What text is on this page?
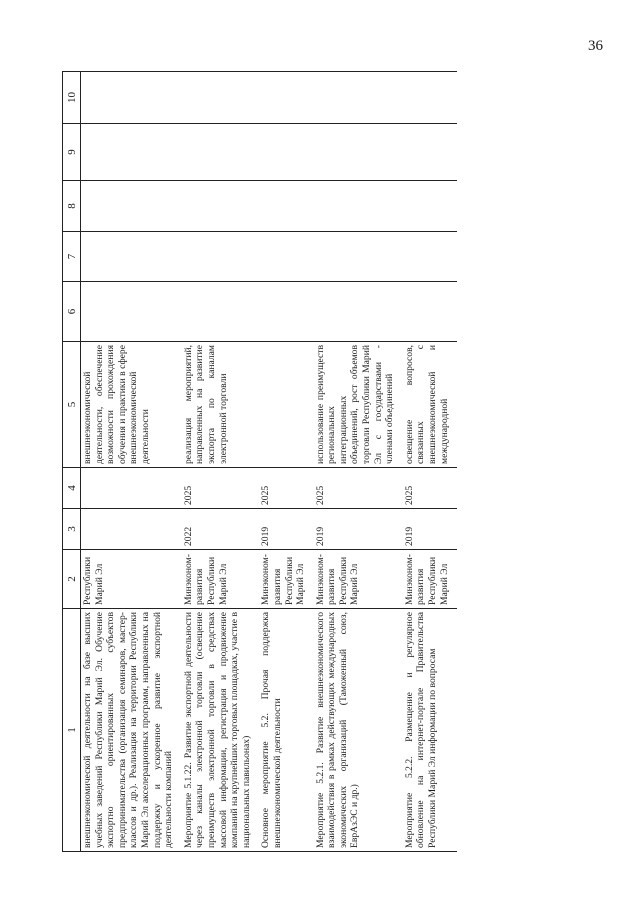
36
1	2	3	4	5	6	7	8	9	10
внешнеэкономической деятельности на базе высших учебных заведений Республики Марий Эл. Обучение экспортно ориентированных субъектов предпринимательства (организация семинаров, мастер-классов и др.). Реализация на территории Республики Марий Эл акселерационных программ, направленных на поддержку и ускоренное развитие экспортной деятельности компаний	Республики Марий Эл			внешнеэкономической деятельности, обеспечение возможности прохождения обучения и практики в сфере внешнеэкономической деятельности					
Мероприятие 5.1.22. Развитие экспортной деятельности через каналы электронной торговли (освещение преимуществ электронной торговли в средствах массовой информации, регистрация и продвижение компаний на крупнейших торговых площадках, участие в национальных павильонах)	Минэконом-развития Республики Марий Эл	2022	2025	реализация мероприятий, направленных на развитие экспорта по каналам электронной торговли					
Основное мероприятие 5.2. Прочая поддержка внешнеэкономической деятельности	Минэконом-развития Республики Марий Эл	2019	2025						
Мероприятие 5.2.1. Развитие внешнеэкономического взаимодействия в рамках действующих международных экономических организаций (Таможенный союз, ЕврАзЭС и др.)	Минэконом-развития Республики Марий Эл	2019	2025	использование преимуществ региональных интеграционных объединений, рост объемов торговли Республики Марий Эл с государствами - членами объединений					
Мероприятие 5.2.2. Размещение и регулярное обновление на интернет-портале Правительства Республики Марий Эл информации по вопросам	Минэконом-развития Республики Марий Эл	2019	2025	освещение вопросов, связанных с внешнеэкономической и международной					
